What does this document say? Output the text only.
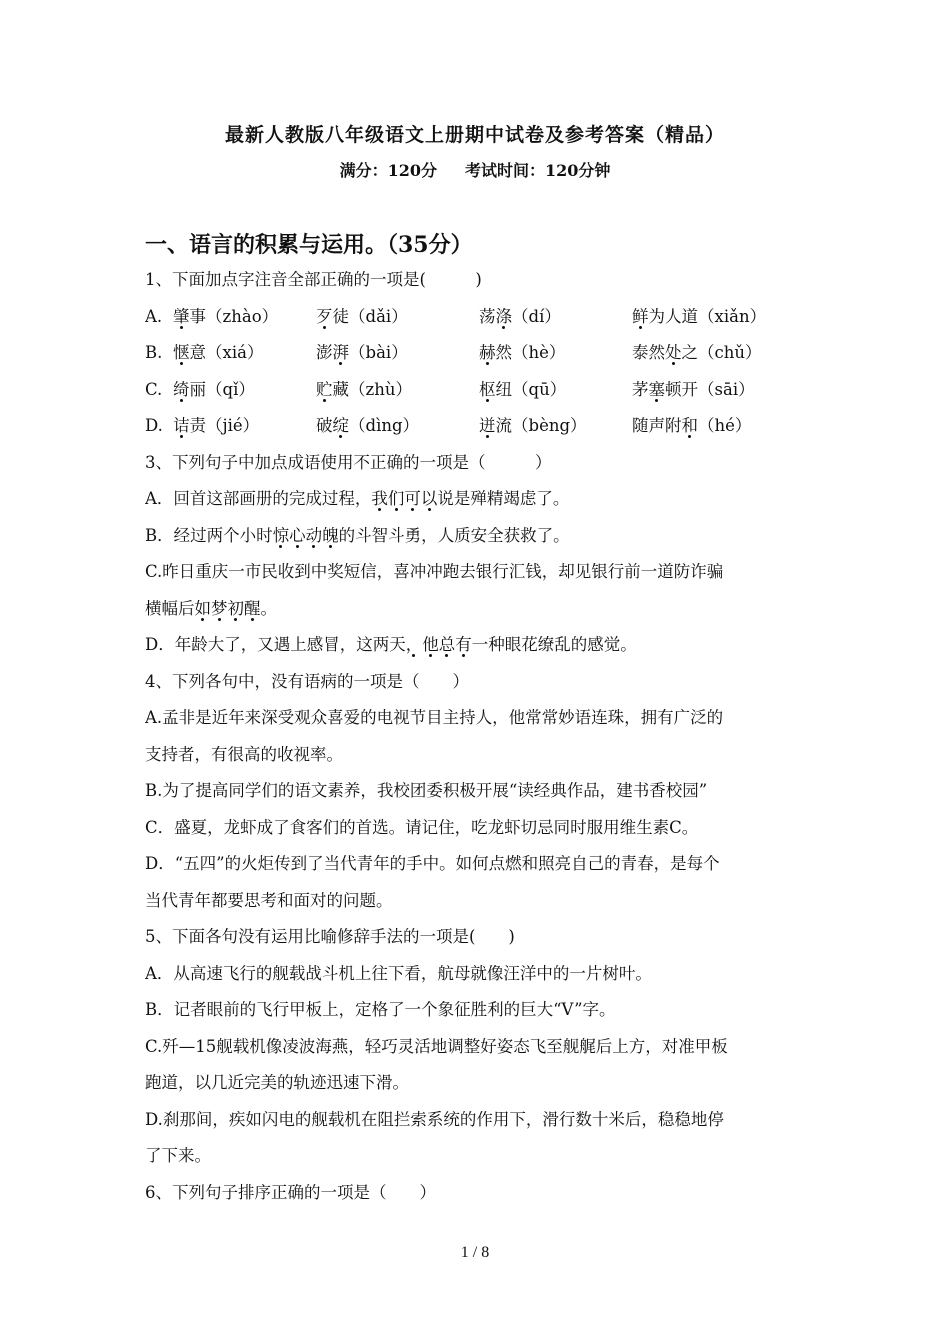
最新人教版八年级语文上册期中试卷及参考答案（精品）
满分：120分 考试时间：120分钟
一、语言的积累与运用。（35分）
1、下面加点字注音全部正确的一项是(　　　)
A. 肇事（zhào）	歹徒（dǎi）	荡涤（dí）	鲜为人道（xiǎn）
B. 惬意（xiá）	澎湃（bài）	赫然（hè）	泰然处之（chǔ）
C. 绮丽（qǐ）	贮藏（zhù）	枢纽（qū）	茅塞顿开（sāi）
D. 诘责（jié）	破绽（dìng）	迸流（bèng）	随声附和（hé）
3、下列句子中加点成语使用不正确的一项是（　　　）
A．回首这部画册的完成过程，我们可以说是殚精竭虑了。
B．经过两个小时惊心动魄的斗智斗勇，人质安全获救了。
C.昨日重庆一市民收到中奖短信，喜冲冲跑去银行汇钱，却见银行前一道防诈骗
横幅后如梦初醒。
D．年龄大了，又遇上感冒，这两天，他总有一种眼花缭乱的感觉。
4、下列各句中，没有语病的一项是（　　）
A.孟非是近年来深受观众喜爱的电视节目主持人，他常常妙语连珠，拥有广泛的
支持者，有很高的收视率。
B.为了提高同学们的语文素养，我校团委积极开展“读经典作品，建书香校园”
C．盛夏，龙虾成了食客们的首选。请记住，吃龙虾切忌同时服用维生素C。
D．“五四”的火炬传到了当代青年的手中。如何点燃和照亮自己的青春，是每个
当代青年都要思考和面对的问题。
5、下面各句没有运用比喻修辞手法的一项是(　　)
A．从高速飞行的舰载战斗机上往下看，航母就像汪洋中的一片树叶。
B．记者眼前的飞行甲板上，定格了一个象征胜利的巨大“V”字。
C.歼—15舰载机像凌波海燕，轻巧灵活地调整好姿态飞至舰艉后上方，对准甲板
跑道，以几近完美的轨迹迅速下滑。
D.刹那间，疾如闪电的舰载机在阻拦索系统的作用下，滑行数十米后，稳稳地停
了下来。
6、下列句子排序正确的一项是（　　）
1 / 8
